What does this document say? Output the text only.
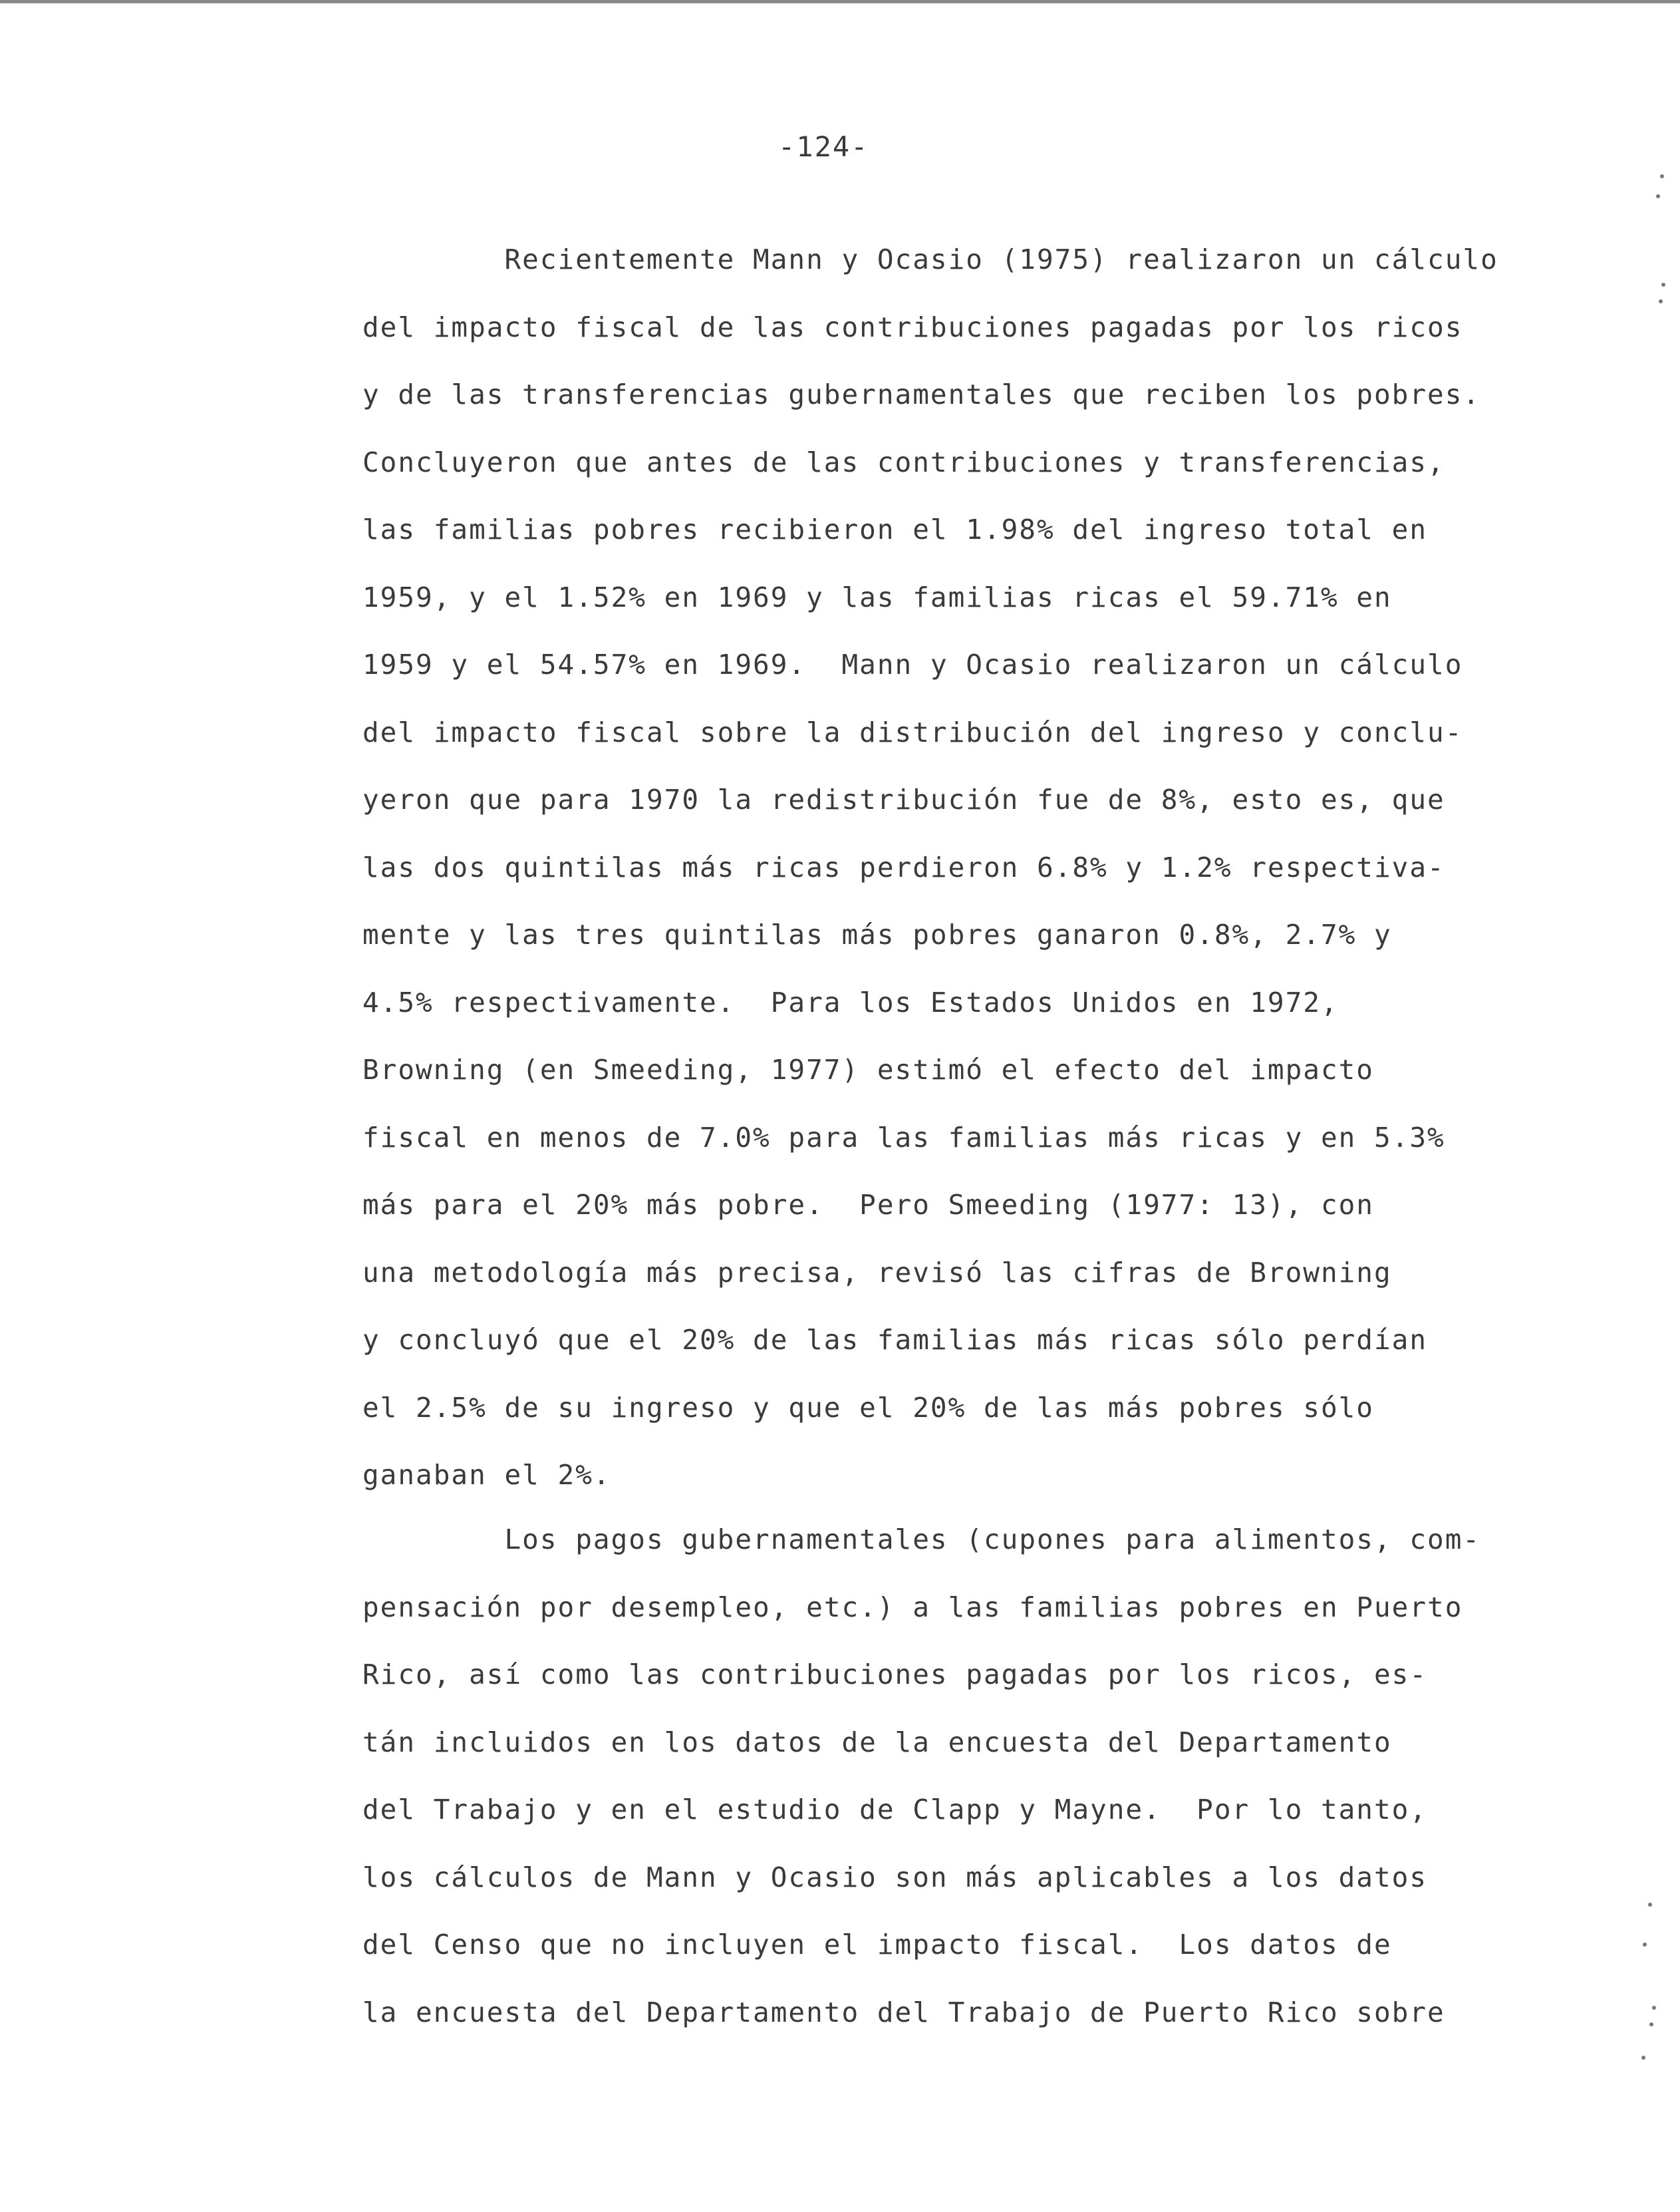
-124-
Recientemente Mann y Ocasio (1975) realizaron un cálculo
del impacto fiscal de las contribuciones pagadas por los ricos
y de las transferencias gubernamentales que reciben los pobres.
Concluyeron que antes de las contribuciones y transferencias,
las familias pobres recibieron el 1.98% del ingreso total en
1959, y el 1.52% en 1969 y las familias ricas el 59.71% en
1959 y el 54.57% en 1969.  Mann y Ocasio realizaron un cálculo
del impacto fiscal sobre la distribución del ingreso y conclu-
yeron que para 1970 la redistribución fue de 8%, esto es, que
las dos quintilas más ricas perdieron 6.8% y 1.2% respectiva-
mente y las tres quintilas más pobres ganaron 0.8%, 2.7% y
4.5% respectivamente.  Para los Estados Unidos en 1972,
Browning (en Smeeding, 1977) estimó el efecto del impacto
fiscal en menos de 7.0% para las familias más ricas y en 5.3%
más para el 20% más pobre.  Pero Smeeding (1977: 13), con
una metodología más precisa, revisó las cifras de Browning
y concluyó que el 20% de las familias más ricas sólo perdían
el 2.5% de su ingreso y que el 20% de las más pobres sólo
ganaban el 2%.
Los pagos gubernamentales (cupones para alimentos, com-
pensación por desempleo, etc.) a las familias pobres en Puerto
Rico, así como las contribuciones pagadas por los ricos, es-
tán incluidos en los datos de la encuesta del Departamento
del Trabajo y en el estudio de Clapp y Mayne.  Por lo tanto,
los cálculos de Mann y Ocasio son más aplicables a los datos
del Censo que no incluyen el impacto fiscal.  Los datos de
la encuesta del Departamento del Trabajo de Puerto Rico sobre
